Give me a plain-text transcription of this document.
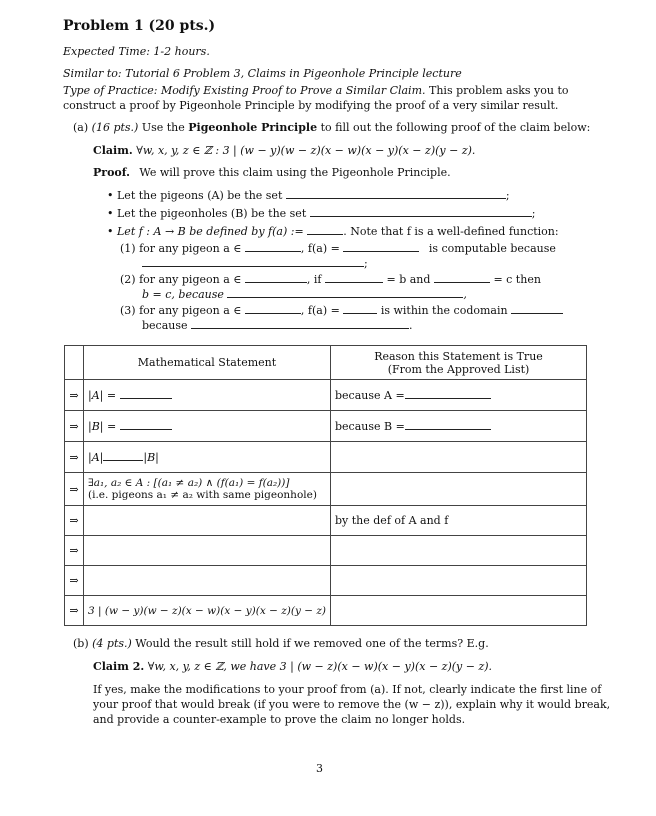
Problem 1 (20 pts.)
Expected Time: 1-2 hours.
Similar to: Tutorial 6 Problem 3, Claims in Pigeonhole Principle lecture
Type of Practice: Modify Existing Proof to Prove a Similar Claim. This problem asks you to
construct a proof by Pigeonhole Principle by modifying the proof of a very similar result.
(a) (16 pts.) Use the Pigeonhole Principle to fill out the following proof of the claim below:
Claim. ∀w, x, y, z ∈ ℤ : 3 | (w − y)(w − z)(x − w)(x − y)(x − z)(y − z).
Proof. We will prove this claim using the Pigeonhole Principle.
• Let the pigeons (A) be the set	;
• Let the pigeonholes (B) be the set	;
• Let f : A → B be defined by f(a) :=	. Note that f is a well-defined function:
(1) for any pigeon a ∈	, f(a) =	is computable because
;
(2) for any pigeon a ∈	, if	= b and	= c then
b = c, because	,
(3) for any pigeon a ∈	, f(a) =	is within the codomain
because	.
	Mathematical Statement	Reason this Statement is True
(From the Approved List)

⇒	|A| =	because A =
⇒	|B| =	because B =
⇒	|A| |B|	
⇒	∃a₁, a₂ ∈ A : [(a₁ ≠ a₂) ∧ (f(a₁) = f(a₂))]
(i.e. pigeons a₁ ≠ a₂ with same pigeonhole)	

⇒		by the def of A and f
⇒		
⇒		
⇒	3 | (w − y)(w − z)(x − w)(x − y)(x − z)(y − z)	
(b) (4 pts.) Would the result still hold if we removed one of the terms? E.g.
Claim 2. ∀w, x, y, z ∈ ℤ, we have 3 | (w − z)(x − w)(x − y)(x − z)(y − z).
If yes, make the modifications to your proof from (a). If not, clearly indicate the first line of
your proof that would break (if you were to remove the (w − z)), explain why it would break,
and provide a counter-example to prove the claim no longer holds.
3
